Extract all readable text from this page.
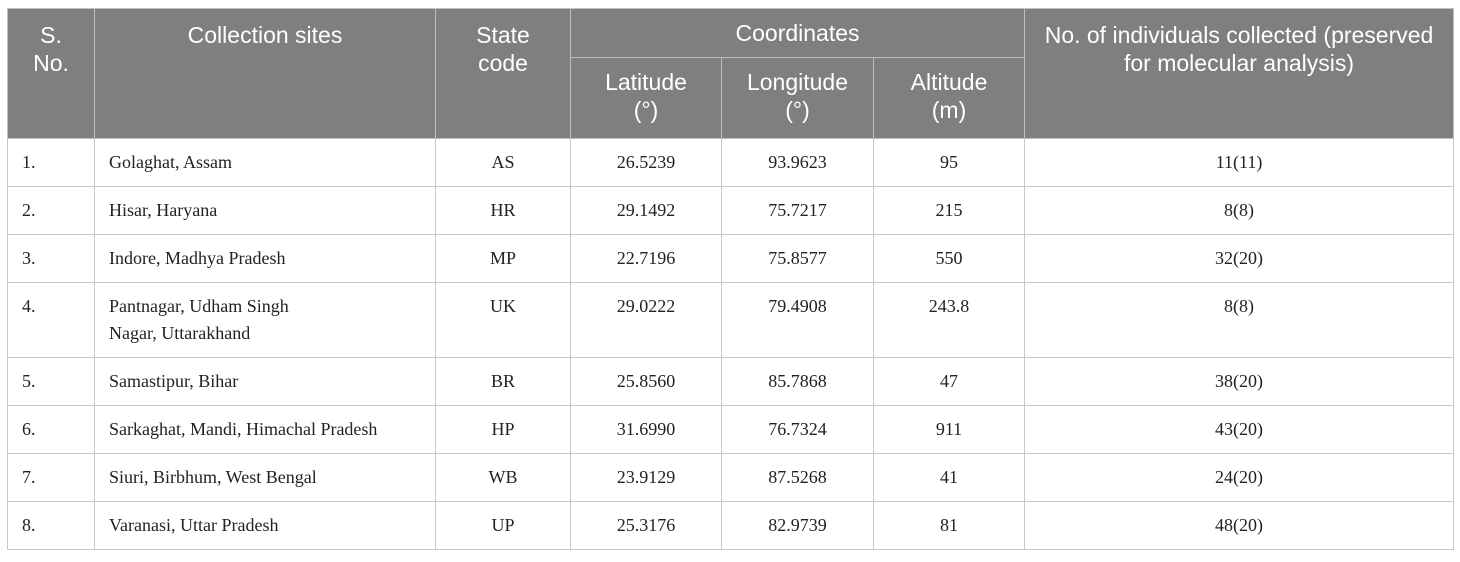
S. No.	Collection sites	State code	Coordinates			No. of individuals collected (preserved for molecular analysis)
			Latitude (°)	Longitude (°)	Altitude (m)	
1.	Golaghat, Assam	AS	26.5239	93.9623	95	11(11)
2.	Hisar, Haryana	HR	29.1492	75.7217	215	8(8)
3.	Indore, Madhya Pradesh	MP	22.7196	75.8577	550	32(20)
4.	Pantnagar, Udham Singh Nagar, Uttarakhand	UK	29.0222	79.4908	243.8	8(8)
5.	Samastipur, Bihar	BR	25.8560	85.7868	47	38(20)
6.	Sarkaghat, Mandi, Himachal Pradesh	HP	31.6990	76.7324	911	43(20)
7.	Siuri, Birbhum, West Bengal	WB	23.9129	87.5268	41	24(20)
8.	Varanasi, Uttar Pradesh	UP	25.3176	82.9739	81	48(20)
